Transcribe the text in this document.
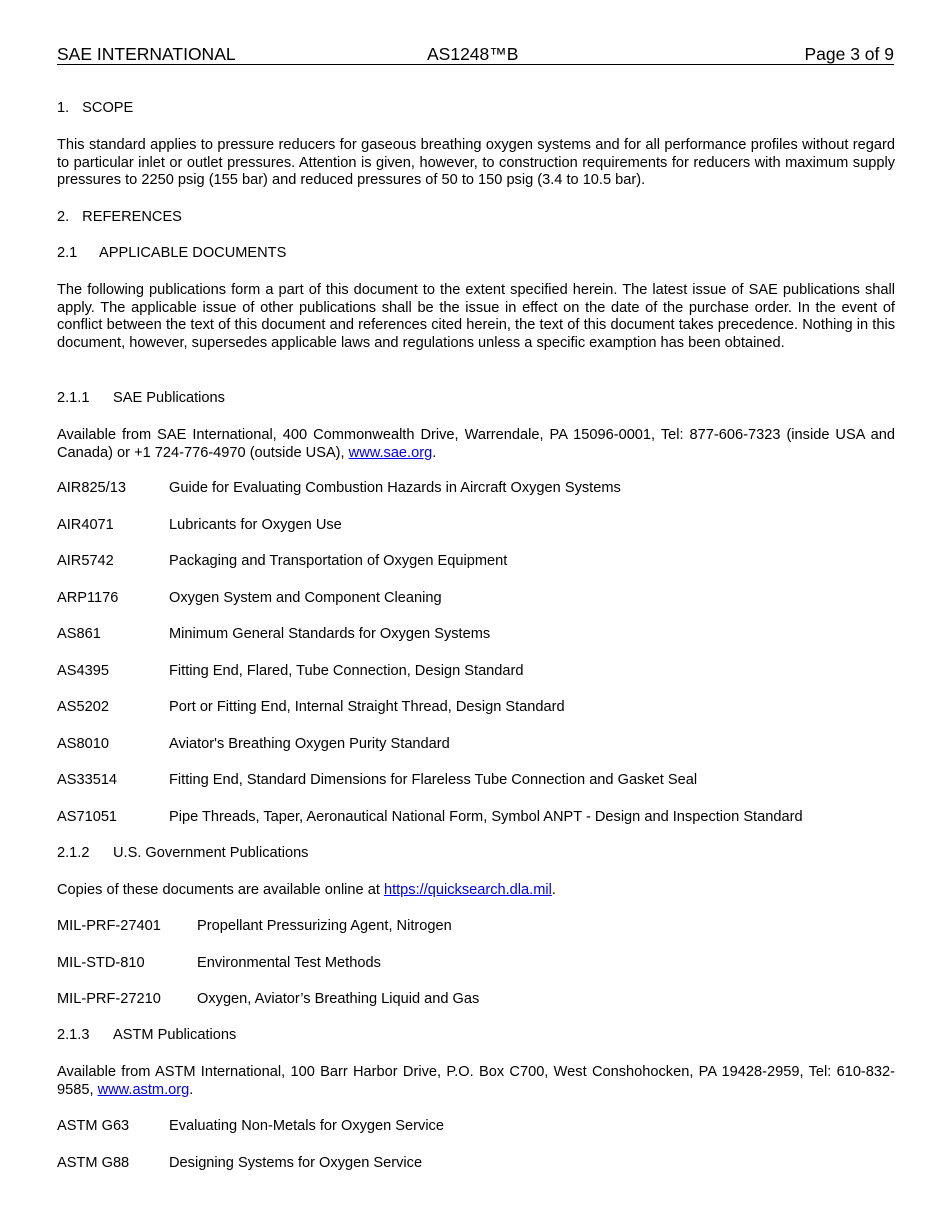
SAE INTERNATIONAL	AS1248™B	Page 3 of 9
1. SCOPE
This standard applies to pressure reducers for gaseous breathing oxygen systems and for all performance profiles without regard to particular inlet or outlet pressures. Attention is given, however, to construction requirements for reducers with maximum supply pressures to 2250 psig (155 bar) and reduced pressures of 50 to 150 psig (3.4 to 10.5 bar).
2. REFERENCES
2.1 APPLICABLE DOCUMENTS
The following publications form a part of this document to the extent specified herein. The latest issue of SAE publications shall apply. The applicable issue of other publications shall be the issue in effect on the date of the purchase order. In the event of conflict between the text of this document and references cited herein, the text of this document takes precedence. Nothing in this document, however, supersedes applicable laws and regulations unless a specific examption has been obtained.
2.1.1 SAE Publications
Available from SAE International, 400 Commonwealth Drive, Warrendale, PA 15096-0001, Tel: 877-606-7323 (inside USA and Canada) or +1 724-776-4970 (outside USA), www.sae.org.
AIR825/13	Guide for Evaluating Combustion Hazards in Aircraft Oxygen Systems
AIR4071	Lubricants for Oxygen Use
AIR5742	Packaging and Transportation of Oxygen Equipment
ARP1176	Oxygen System and Component Cleaning
AS861	Minimum General Standards for Oxygen Systems
AS4395	Fitting End, Flared, Tube Connection, Design Standard
AS5202	Port or Fitting End, Internal Straight Thread, Design Standard
AS8010	Aviator's Breathing Oxygen Purity Standard
AS33514	Fitting End, Standard Dimensions for Flareless Tube Connection and Gasket Seal
AS71051	Pipe Threads, Taper, Aeronautical National Form, Symbol ANPT - Design and Inspection Standard
2.1.2 U.S. Government Publications
Copies of these documents are available online at https://quicksearch.dla.mil.
MIL-PRF-27401 Propellant Pressurizing Agent, Nitrogen
MIL-STD-810	Environmental Test Methods
MIL-PRF-27210 Oxygen, Aviator’s Breathing Liquid and Gas
2.1.3 ASTM Publications
Available from ASTM International, 100 Barr Harbor Drive, P.O. Box C700, West Conshohocken, PA 19428-2959, Tel: 610-832-9585, www.astm.org.
ASTM G63	Evaluating Non-Metals for Oxygen Service
ASTM G88	Designing Systems for Oxygen Service
